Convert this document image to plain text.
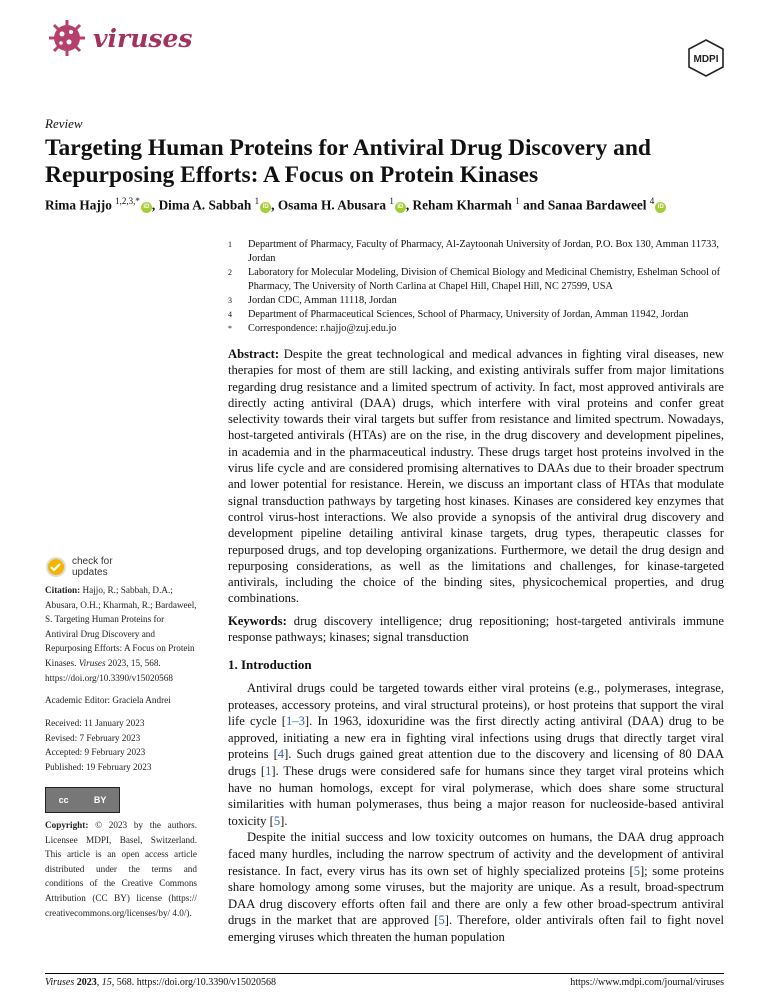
viruses
MDPI
Review
Targeting Human Proteins for Antiviral Drug Discovery and Repurposing Efforts: A Focus on Protein Kinases
Rima Hajjo $^{1,2,3,*}$iD , Dima A. Sabbah $^1$iD , Osama H. Abusara $^1$iD , Reham Kharmah $^1$ and Sanaa Bardaweel $^4$iD
1	Department of Pharmacy, Faculty of Pharmacy, Al-Zaytoonah University of Jordan, P.O. Box 130, Amman 11733, Jordan
2	Laboratory for Molecular Modeling, Division of Chemical Biology and Medicinal Chemistry, Eshelman School of Pharmacy, The University of North Carlina at Chapel Hill, Chapel Hill, NC 27599, USA
3	Jordan CDC, Amman 11118, Jordan
4	Department of Pharmaceutical Sciences, School of Pharmacy, University of Jordan, Amman 11942, Jordan
*	Correspondence: r.hajjo@zuj.edu.jo
Abstract: Despite the great technological and medical advances in fighting viral diseases, new therapies for most of them are still lacking, and existing antivirals suffer from major limitations regarding drug resistance and a limited spectrum of activity. In fact, most approved antivirals are directly acting antiviral (DAA) drugs, which interfere with viral proteins and confer great selectivity towards their viral targets but suffer from resistance and limited spectrum. Nowadays, host-targeted antivirals (HTAs) are on the rise, in the drug discovery and development pipelines, in academia and in the pharmaceutical industry. These drugs target host proteins involved in the virus life cycle and are considered promising alternatives to DAAs due to their broader spectrum and lower potential for resistance. Herein, we discuss an important class of HTAs that modulate signal transduction pathways by targeting host kinases. Kinases are considered key enzymes that control virus-host interactions. We also provide a synopsis of the antiviral drug discovery and development pipeline detailing antiviral kinase targets, drug types, therapeutic classes for repurposed drugs, and top developing organizations. Furthermore, we detail the drug design and repurposing considerations, as well as the limitations and challenges, for kinase-targeted antivirals, including the choice of the binding sites, physicochemical properties, and drug combinations.
Keywords: drug discovery intelligence; drug repositioning; host-targeted antivirals immune response pathways; kinases; signal transduction
check for updates
Citation: Hajjo, R.; Sabbah, D.A.; Abusara, O.H.; Kharmah, R.; Bardaweel, S. Targeting Human Proteins for Antiviral Drug Discovery and Repurposing Efforts: A Focus on Protein Kinases. Viruses 2023, 15, 568. https://doi.org/10.3390/v15020568
Academic Editor: Graciela Andrei
Received: 11 January 2023
Revised: 7 February 2023
Accepted: 9 February 2023
Published: 19 February 2023
cc	BY
Copyright: © 2023 by the authors. Licensee MDPI, Basel, Switzerland. This article is an open access article distributed under the terms and conditions of the Creative Commons Attribution (CC BY) license (https:// creativecommons.org/licenses/by/ 4.0/).
1. Introduction

Antiviral drugs could be targeted towards either viral proteins (e.g., polymerases, integrase, proteases, accessory proteins, and viral structural proteins), or host proteins that support the viral life cycle [1–3]. In 1963, idoxuridine was the first directly acting antiviral (DAA) drug to be approved, initiating a new era in fighting viral infections using drugs that directly target viral proteins [4]. Such drugs gained great attention due to the discovery and licensing of 80 DAA drugs [1]. These drugs were considered safe for humans since they target viral proteins which have no human homologs, except for viral polymerase, which does share some structural similarities with human polymerases, thus being a major reason for nucleoside-based antiviral toxicity [5].

Despite the initial success and low toxicity outcomes on humans, the DAA drug approach faced many hurdles, including the narrow spectrum of activity and the development of antiviral resistance. In fact, every virus has its own set of highly specialized proteins [5]; some proteins share homology among some viruses, but the majority are unique. As a result, broad-spectrum DAA drug discovery efforts often fail and there are only a few other broad-spectrum antiviral drugs in the market that are approved [5]. Therefore, older antivirals often fail to fight novel emerging viruses which threaten the human population

Viruses 2023, 15, 568. https://doi.org/10.3390/v15020568	https://www.mdpi.com/journal/viruses
